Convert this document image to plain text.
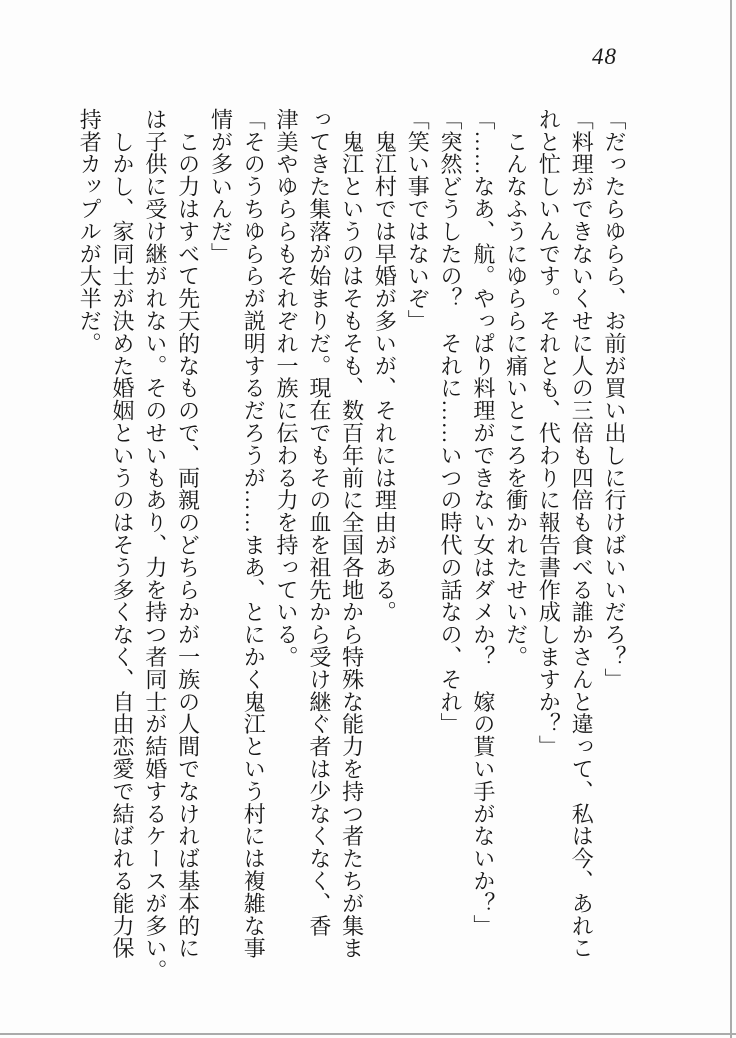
48
「だったらゆらら、お前が買い出しに行けばいいだろ？」
「料理ができないくせに人の三倍も四倍も食べる誰かさんと違って、私は今、あれこ
れと忙しいんです。それとも、代わりに報告書作成しますか？」
　こんなふうにゆららに痛いところを衝かれたせいだ。
「……なあ、航。やっぱり料理ができない女はダメか？　嫁の貰い手がないか？」
「突然どうしたの？　それに……いつの時代の話なの、それ」
「笑い事ではないぞ」
　鬼江村では早婚が多いが、それには理由がある。
　鬼江というのはそもそも、数百年前に全国各地から特殊な能力を持つ者たちが集ま
ってきた集落が始まりだ。現在でもその血を祖先から受け継ぐ者は少なくなく、香
津美やゆららもそれぞれ一族に伝わる力を持っている。
「そのうちゆららが説明するだろうが……まあ、とにかく鬼江という村には複雑な事
情が多いんだ」
　この力はすべて先天的なもので、両親のどちらかが一族の人間でなければ基本的に
は子供に受け継がれない。そのせいもあり、力を持つ者同士が結婚するケースが多い。
　しかし、家同士が決めた婚姻というのはそう多くなく、自由恋愛で結ばれる能力保
持者カップルが大半だ。
